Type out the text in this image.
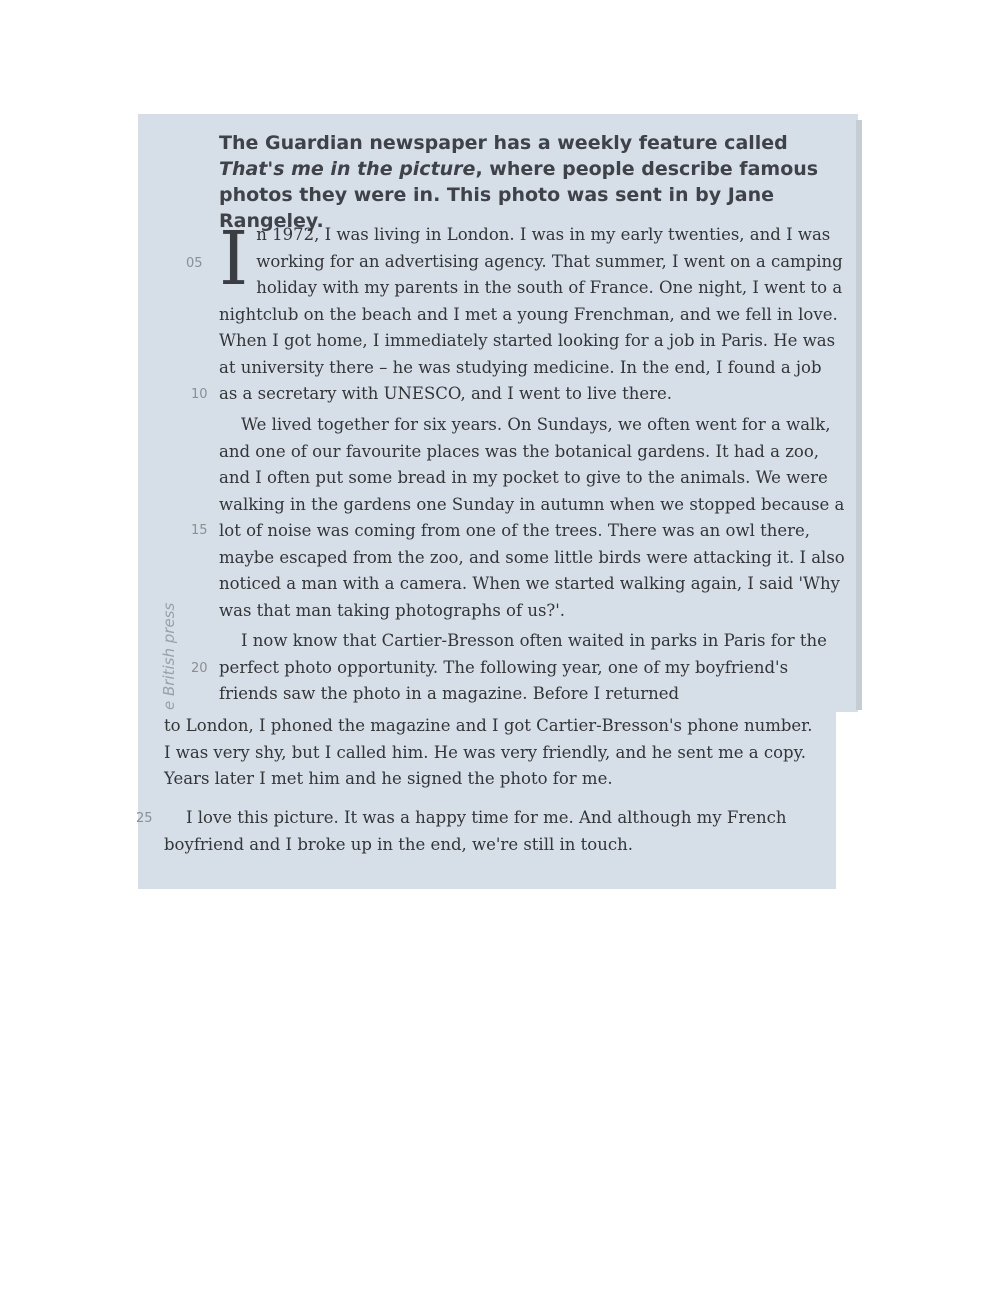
e British press

The Guardian newspaper has a weekly feature called That's me in the picture, where people describe famous photos they were in. This photo was sent in by Jane Rangeley.

In 1972, I was living in London. I was in my early twenties, and I was working for an advertising agency. That summer, I went on a camping holiday with my parents in the south of France. One night, I went to a nightclub on the beach and I met a young Frenchman, and we fell in love. When I got home, I immediately started looking for a job in Paris. He was at university there – he was studying medicine. In the end, I found a job as a secretary with UNESCO, and I went to live there.

We lived together for six years. On Sundays, we often went for a walk, and one of our favourite places was the botanical gardens. It had a zoo, and I often put some bread in my pocket to give to the animals. We were walking in the gardens one Sunday in autumn when we stopped because a lot of noise was coming from one of the trees. There was an owl there, maybe escaped from the zoo, and some little birds were attacking it. I also noticed a man with a camera. When we started walking again, I said 'Why was that man taking photographs of us?'.

I now know that Cartier-Bresson often waited in parks in Paris for the perfect photo opportunity. The following year, one of my boyfriend's friends saw the photo in a magazine. Before I returned

to London, I phoned the magazine and I got Cartier-Bresson's phone number. I was very shy, but I called him. He was very friendly, and he sent me a copy. Years later I met him and he signed the photo for me.

I love this picture. It was a happy time for me. And although my French boyfriend and I broke up in the end, we're still in touch.

05
10
15
20
25
